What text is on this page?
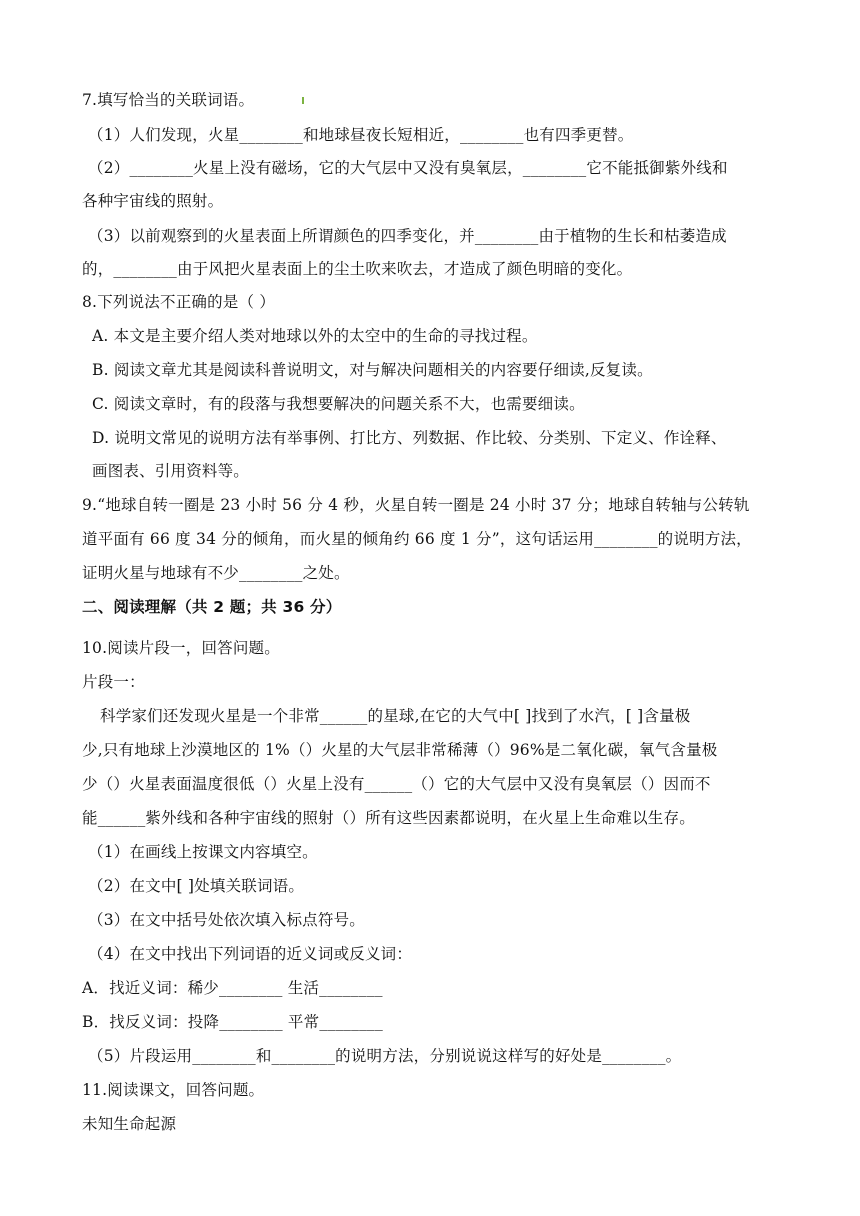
7.填写恰当的关联词语。
（1）人们发现，火星________和地球昼夜长短相近，________也有四季更替。
（2）________火星上没有磁场，它的大气层中又没有臭氧层，________它不能抵御紫外线和
各种宇宙线的照射。
（3）以前观察到的火星表面上所谓颜色的四季变化，并________由于植物的生长和枯萎造成
的，________由于风把火星表面上的尘土吹来吹去，才造成了颜色明暗的变化。
8.下列说法不正确的是（ ）
A. 本文是主要介绍人类对地球以外的太空中的生命的寻找过程。
B. 阅读文章尤其是阅读科普说明文，对与解决问题相关的内容要仔细读,反复读。
C. 阅读文章时，有的段落与我想要解决的问题关系不大，也需要细读。
D. 说明文常见的说明方法有举事例、打比方、列数据、作比较、分类别、下定义、作诠释、
画图表、引用资料等。
9.“地球自转一圈是 23 小时 56 分 4 秒，火星自转一圈是 24 小时 37 分；地球自转轴与公转轨
道平面有 66 度 34 分的倾角，而火星的倾角约 66 度 1 分”，这句话运用________的说明方法，
证明火星与地球有不少________之处。
二、阅读理解（共 2 题；共 36 分）
10.阅读片段一，回答问题。
片段一：
科学家们还发现火星是一个非常______的星球,在它的大气中[ ]找到了水汽，[ ]含量极
少,只有地球上沙漠地区的 1%（）火星的大气层非常稀薄（）96%是二氧化碳，氧气含量极
少（）火星表面温度很低（）火星上没有______（）它的大气层中又没有臭氧层（）因而不
能______紫外线和各种宇宙线的照射（）所有这些因素都说明，在火星上生命难以生存。
（1）在画线上按课文内容填空。
（2）在文中[ ]处填关联词语。
（3）在文中括号处依次填入标点符号。
（4）在文中找出下列词语的近义词或反义词：
A．找近义词：稀少________ 生活________
B．找反义词：投降________ 平常________
（5）片段运用________和________的说明方法，分别说说这样写的好处是________。
11.阅读课文，回答问题。
未知生命起源
